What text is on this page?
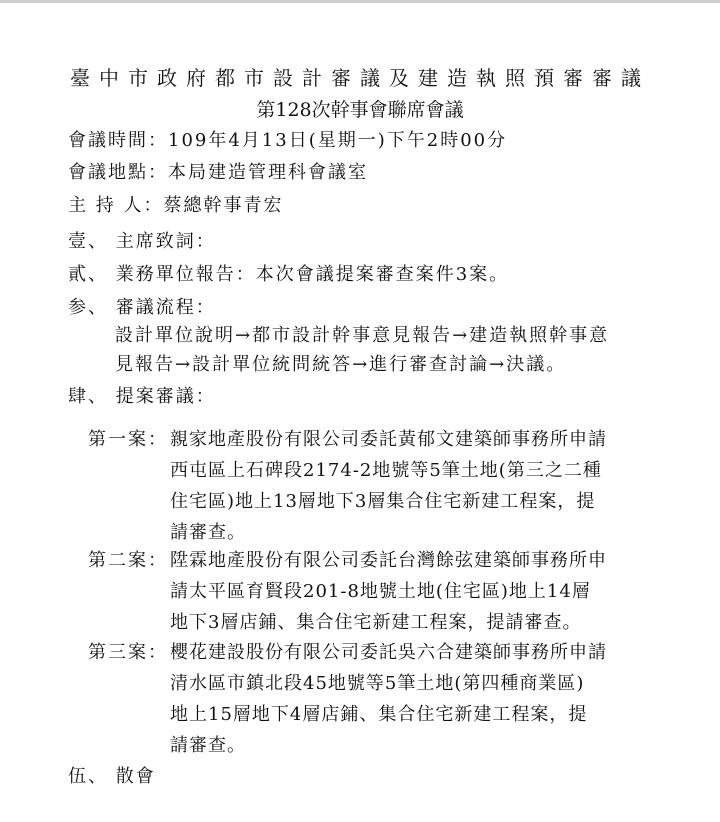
臺中市政府都市設計審議及建造執照預審審議
第128次幹事會聯席會議
會議時間：109年4月13日(星期一)下午2時00分
會議地點：本局建造管理科會議室
主 持 人：蔡總幹事青宏
壹、 主席致詞：
貳、 業務單位報告：本次會議提案審查案件3案。
参、 審議流程：
設計單位說明→都市設計幹事意見報告→建造執照幹事意
見報告→設計單位統問統答→進行審查討論→決議。
肆、 提案審議：
第一案： 親家地產股份有限公司委託黃郁文建築師事務所申請
西屯區上石碑段2174-2地號等5筆土地(第三之二種
住宅區)地上13層地下3層集合住宅新建工程案，提
請審查。
第二案： 陞霖地產股份有限公司委託台灣餘弦建築師事務所申
請太平區育賢段201-8地號土地(住宅區)地上14層
地下3層店鋪、集合住宅新建工程案，提請審查。
第三案： 櫻花建設股份有限公司委託吳六合建築師事務所申請
清水區市鎮北段45地號等5筆土地(第四種商業區)
地上15層地下4層店鋪、集合住宅新建工程案，提
請審查。
伍、 散會
